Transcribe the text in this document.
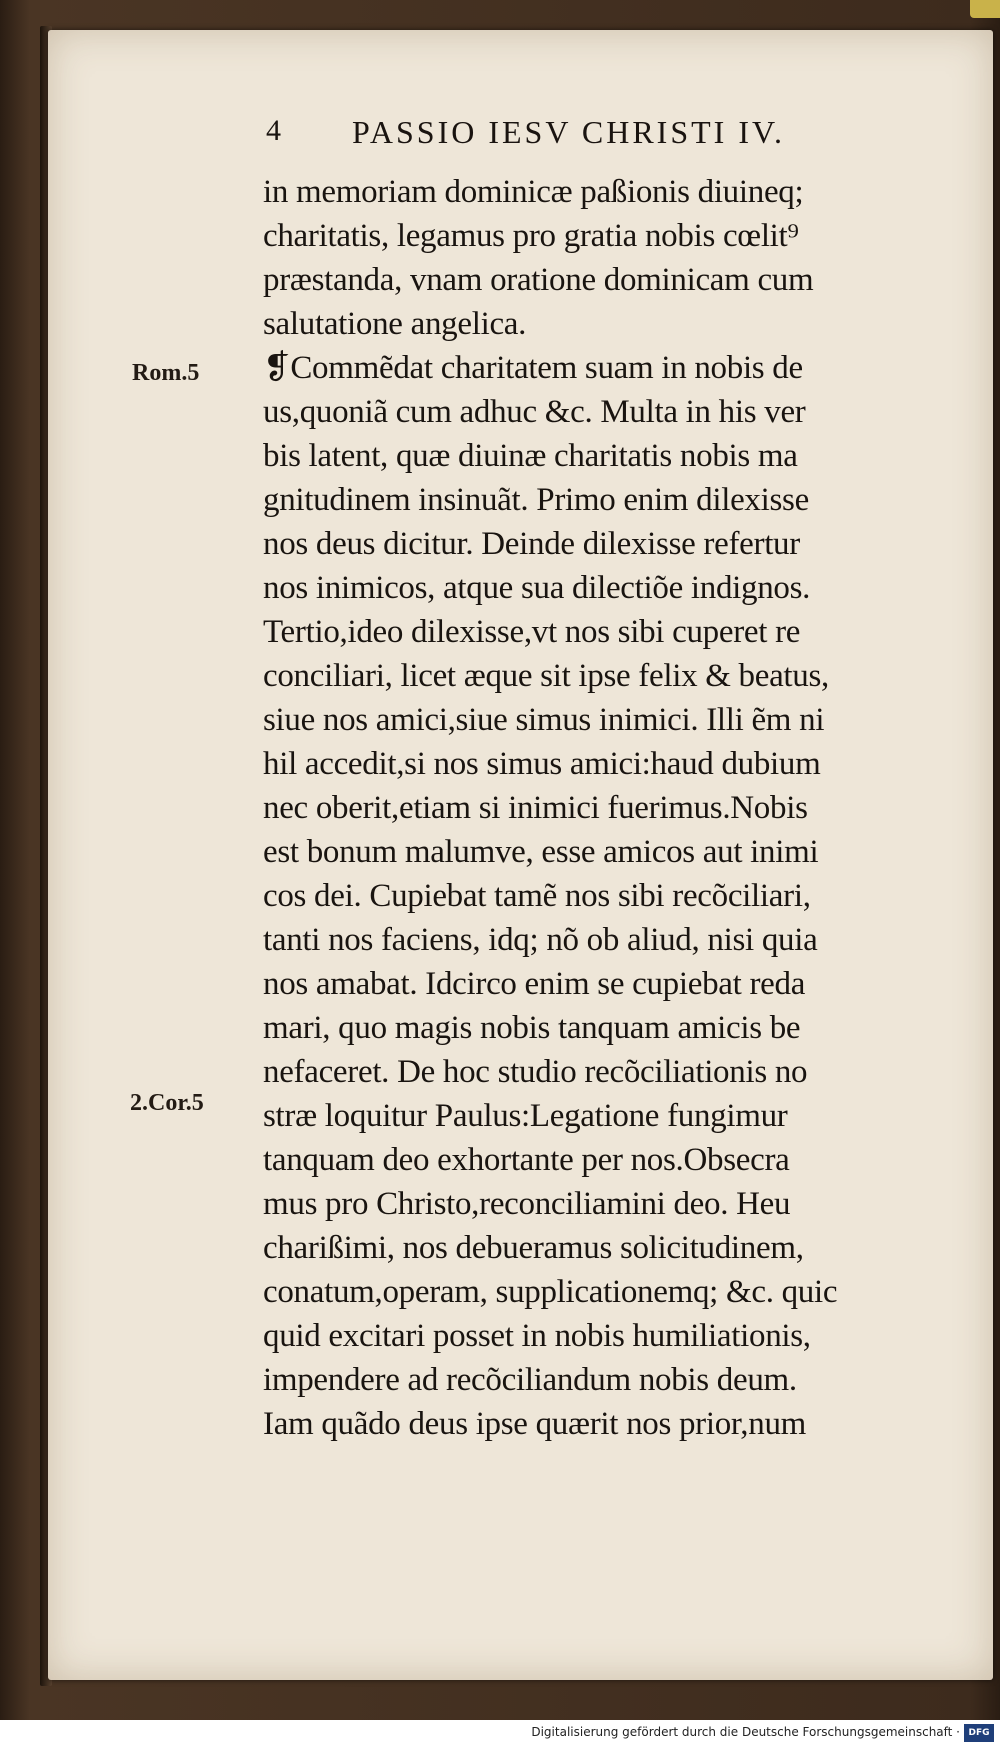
4 PASSIO IESV CHRISTI IV.
Rom.5
2.Cor.5
in memoriam dominicæ paßionis diuineq;
charitatis, legamus pro gratia nobis cœlit⁹
præstanda, vnam oratione dominicam cum
salutatione angelica.
❡Commẽdat charitatem suam in nobis de
us,quoniã cum adhuc &c. Multa in his ver
bis latent, quæ diuinæ charitatis nobis ma
gnitudinem insinuãt. Primo enim dilexisse
nos deus dicitur. Deinde dilexisse refertur
nos inimicos, atque sua dilectiõe indignos.
Tertio,ideo dilexisse,vt nos sibi cuperet re
conciliari, licet æque sit ipse felix & beatus,
siue nos amici,siue simus inimici. Illi ẽm ni
hil accedit,si nos simus amici:haud dubium
nec oberit,etiam si inimici fuerimus.Nobis
est bonum malumve, esse amicos aut inimi
cos dei. Cupiebat tamẽ nos sibi recõciliari,
tanti nos faciens, idq; nõ ob aliud, nisi quia
nos amabat. Idcirco enim se cupiebat reda
mari, quo magis nobis tanquam amicis be
nefaceret. De hoc studio recõciliationis no
stræ loquitur Paulus:Legatione fungimur
tanquam deo exhortante per nos.Obsecra
mus pro Christo,reconciliamini deo. Heu
charißimi, nos debueramus solicitudinem,
conatum,operam, supplicationemq; &c. quic
quid excitari posset in nobis humiliationis,
impendere ad recõciliandum nobis deum.
Iam quãdo deus ipse quærit nos prior,num
Digitalisierung gefördert durch die Deutsche Forschungsgemeinschaft · DFG
